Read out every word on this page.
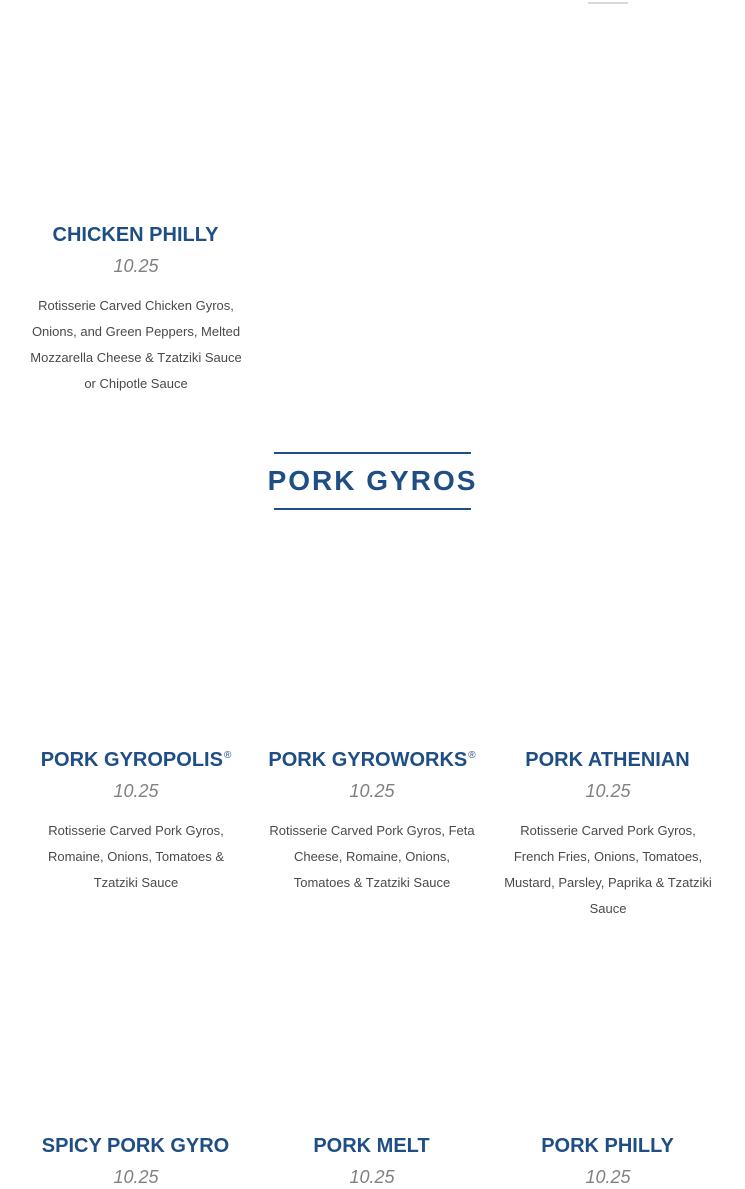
CHICKEN PHILLY
10.25

Rotisserie Carved Chicken Gyros, Onions, and Green Peppers, Melted Mozzarella Cheese & Tzatziki Sauce or Chipotle Sauce

PORK GYROS
PORK GYROPOLIS®
10.25

Rotisserie Carved Pork Gyros, Romaine, Onions, Tomatoes & Tzatziki Sauce

PORK GYROWORKS®
10.25

Rotisserie Carved Pork Gyros, Feta Cheese, Romaine, Onions, Tomatoes & Tzatziki Sauce

PORK ATHENIAN
10.25

Rotisserie Carved Pork Gyros, French Fries, Onions, Tomatoes, Mustard, Parsley, Paprika & Tzatziki Sauce

SPICY PORK GYRO
10.25
PORK MELT
10.25
PORK PHILLY
10.25
